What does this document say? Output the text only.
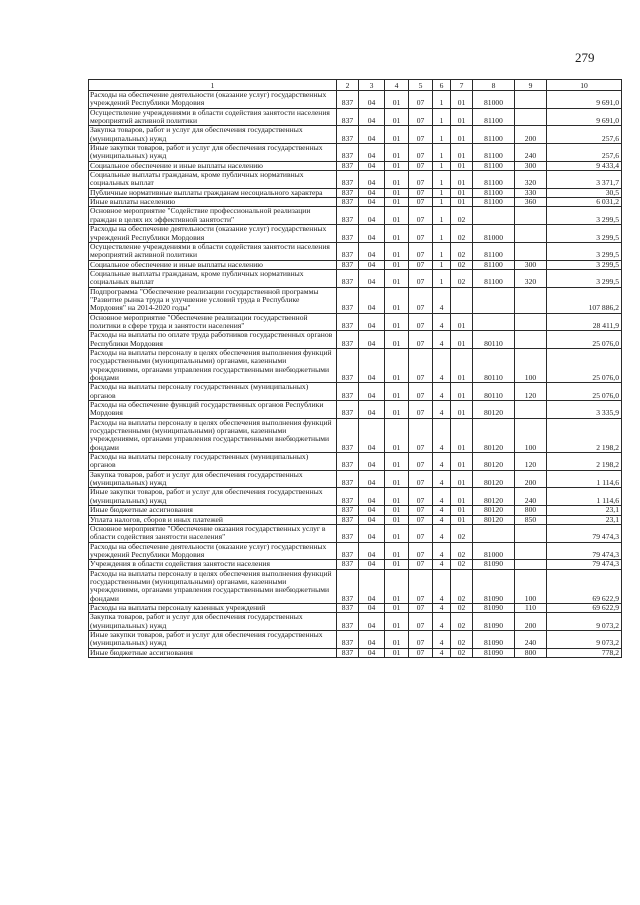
279
1	2	3	4	5	6	7	8	9	10
Расходы на обеспечение деятельности (оказание услуг) государственных учреждений Республики Мордовия	837	04	01	07	1	01	81000		9 691,0
Осуществление учреждениями в области содействия занятости населения мероприятий активной политики	837	04	01	07	1	01	81100		9 691,0
Закупка товаров, работ и услуг для обеспечения государственных (муниципальных) нужд	837	04	01	07	1	01	81100	200	257,6
Иные закупки товаров, работ и услуг для обеспечения государственных (муниципальных) нужд	837	04	01	07	1	01	81100	240	257,6
Социальное обеспечение и иные выплаты населению	837	04	01	07	1	01	81100	300	9 433,4
Социальные выплаты гражданам, кроме публичных нормативных социальных выплат	837	04	01	07	1	01	81100	320	3 371,7
Публичные нормативные выплаты гражданам несоциального характера	837	04	01	07	1	01	81100	330	30,5
Иные выплаты населению	837	04	01	07	1	01	81100	360	6 031,2
Основное мероприятие "Содействие профессиональной реализации граждан в целях их эффективной занятости"	837	04	01	07	1	02			3 299,5
Расходы на обеспечение деятельности (оказание услуг) государственных учреждений Республики Мордовия	837	04	01	07	1	02	81000		3 299,5
Осуществление учреждениями в области содействия занятости населения мероприятий активной политики	837	04	01	07	1	02	81100		3 299,5
Социальное обеспечение и иные выплаты населению	837	04	01	07	1	02	81100	300	3 299,5
Социальные выплаты гражданам, кроме публичных нормативных социальных выплат	837	04	01	07	1	02	81100	320	3 299,5
Подпрограмма "Обеспечение реализации государственной программы "Развитие рынка труда и улучшение условий труда в Республике Мордовия" на 2014-2020 годы"	837	04	01	07	4				107 886,2
Основное мероприятие "Обеспечение реализации государственной политики в сфере труда и занятости населения"	837	04	01	07	4	01			28 411,9
Расходы на выплаты по оплате труда работников государственных органов Республики Мордовия	837	04	01	07	4	01	80110		25 076,0
Расходы на выплаты персоналу в целях обеспечения выполнения функций государственными (муниципальными) органами, казенными учреждениями, органами управления государственными внебюджетными фондами	837	04	01	07	4	01	80110	100	25 076,0
Расходы на выплаты персоналу государственных (муниципальных) органов	837	04	01	07	4	01	80110	120	25 076,0
Расходы на обеспечение функций государственных органов Республики Мордовия	837	04	01	07	4	01	80120		3 335,9
Расходы на выплаты персоналу в целях обеспечения выполнения функций государственными (муниципальными) органами, казенными учреждениями, органами управления государственными внебюджетными фондами	837	04	01	07	4	01	80120	100	2 198,2
Расходы на выплаты персоналу государственных (муниципальных) органов	837	04	01	07	4	01	80120	120	2 198,2
Закупка товаров, работ и услуг для обеспечения государственных (муниципальных) нужд	837	04	01	07	4	01	80120	200	1 114,6
Иные закупки товаров, работ и услуг для обеспечения государственных (муниципальных) нужд	837	04	01	07	4	01	80120	240	1 114,6
Иные бюджетные ассигнования	837	04	01	07	4	01	80120	800	23,1
Уплата налогов, сборов и иных платежей	837	04	01	07	4	01	80120	850	23,1
Основное мероприятие "Обеспечение оказания государственных услуг в области содействия занятости населения"	837	04	01	07	4	02			79 474,3
Расходы на обеспечение деятельности (оказание услуг) государственных учреждений Республики Мордовия	837	04	01	07	4	02	81000		79 474,3
Учреждения в области содействия занятости населения	837	04	01	07	4	02	81090		79 474,3
Расходы на выплаты персоналу в целях обеспечения выполнения функций государственными (муниципальными) органами, казенными учреждениями, органами управления государственными внебюджетными фондами	837	04	01	07	4	02	81090	100	69 622,9
Расходы на выплаты персоналу казенных учреждений	837	04	01	07	4	02	81090	110	69 622,9
Закупка товаров, работ и услуг для обеспечения государственных (муниципальных) нужд	837	04	01	07	4	02	81090	200	9 073,2
Иные закупки товаров, работ и услуг для обеспечения государственных (муниципальных) нужд	837	04	01	07	4	02	81090	240	9 073,2
Иные бюджетные ассигнования	837	04	01	07	4	02	81090	800	778,2
